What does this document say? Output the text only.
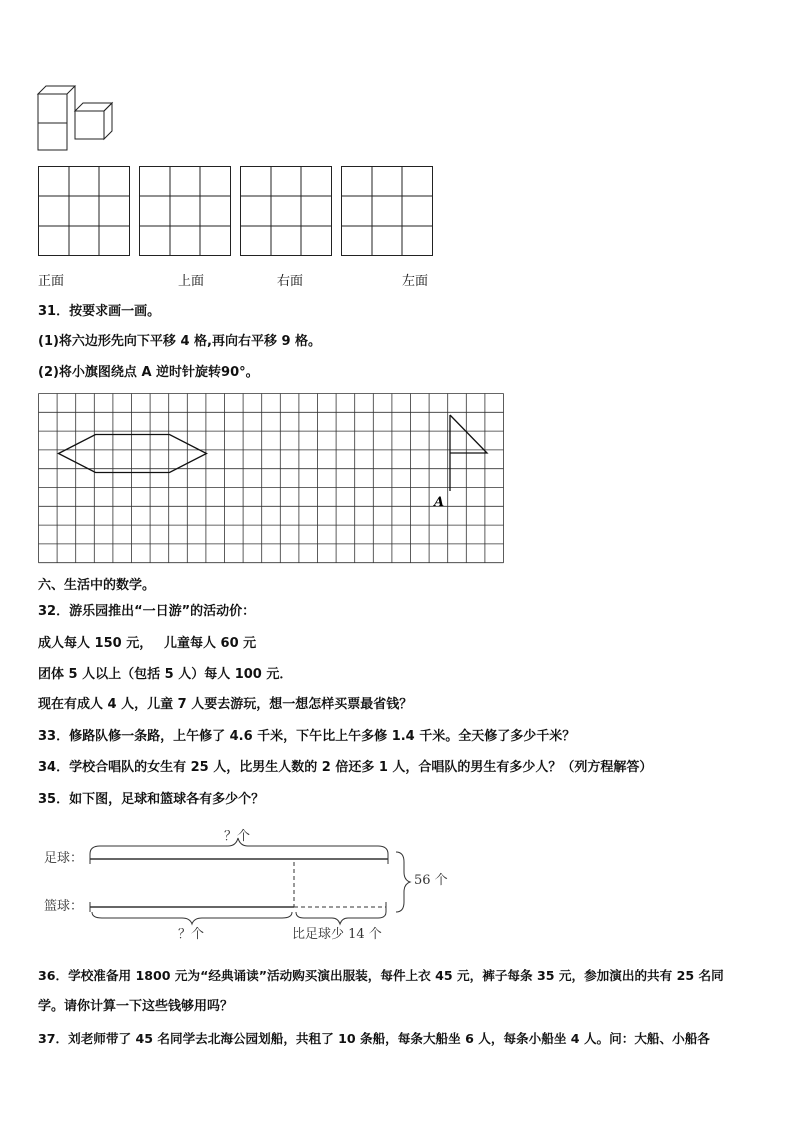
正面	上面	右面	左面
31．按要求画一画。
(1)将六边形先向下平移 4 格,再向右平移 9 格。
(2)将小旗图绕点 A 逆时针旋转90°。
A
六、生活中的数学。
32．游乐园推出“一日游”的活动价：
成人每人 150 元， 儿童每人 60 元
团体 5 人以上（包括 5 人）每人 100 元．
现在有成人 4 人，儿童 7 人要去游玩，想一想怎样买票最省钱？
33．修路队修一条路，上午修了 4.6 千米，下午比上午多修 1.4 千米。全天修了多少千米？
34．学校合唱队的女生有 25 人，比男生人数的 2 倍还多 1 人，合唱队的男生有多少人？（列方程解答）
35．如下图，足球和篮球各有多少个？
？个
足球：
篮球：
56 个
？个	比足球少 14 个
36．学校准备用 1800 元为“经典诵读”活动购买演出服装，每件上衣 45 元，裤子每条 35 元，参加演出的共有 25 名同
学。请你计算一下这些钱够用吗？
37．刘老师带了 45 名同学去北海公园划船，共租了 10 条船，每条大船坐 6 人，每条小船坐 4 人。问：大船、小船各
